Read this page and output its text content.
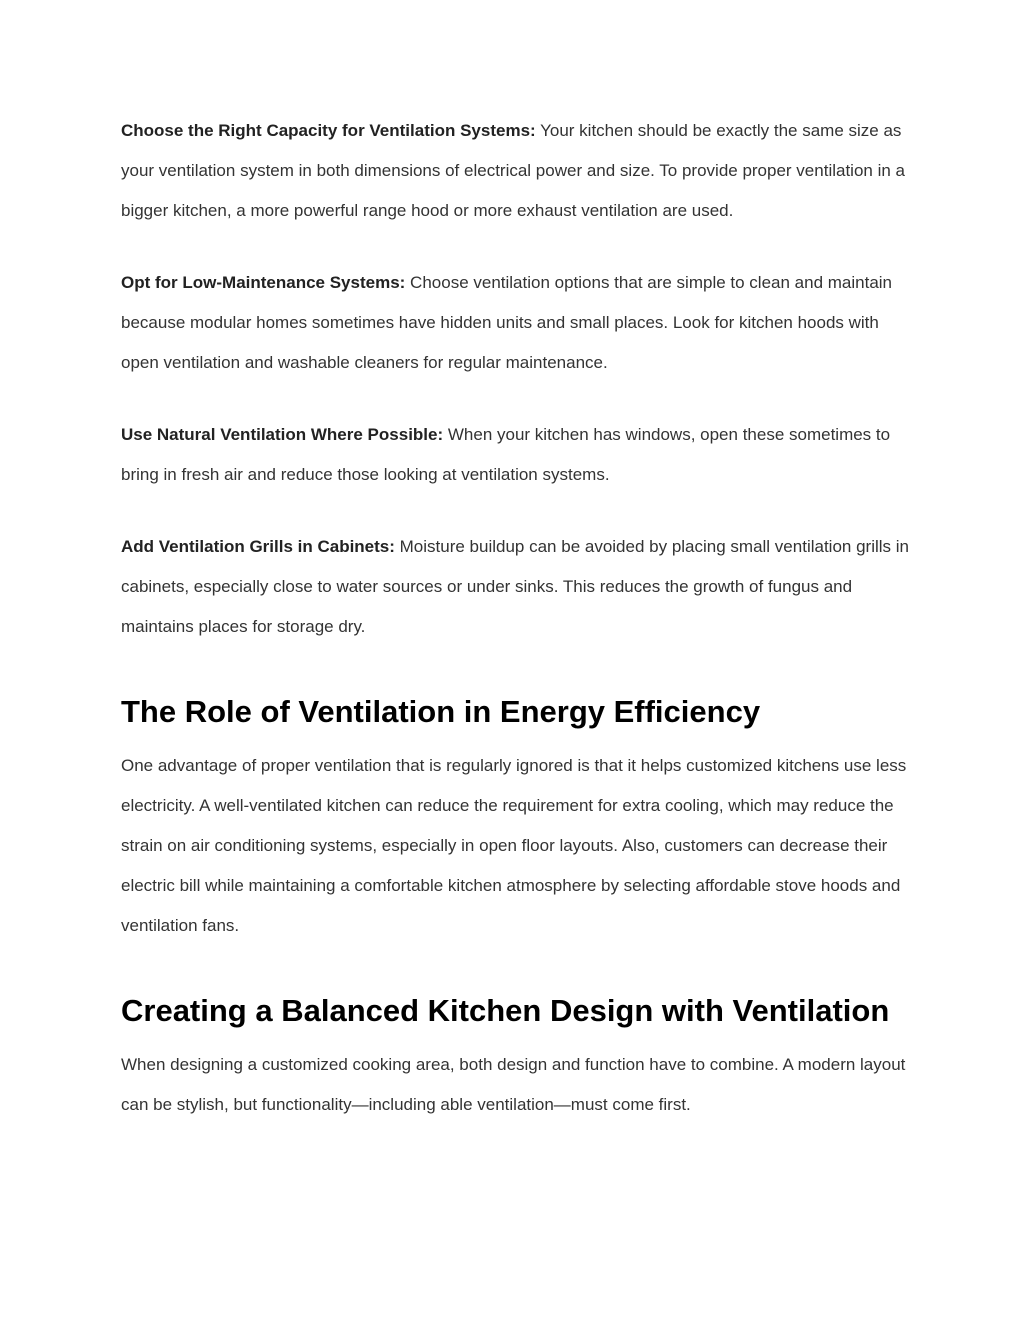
Choose the Right Capacity for Ventilation Systems: Your kitchen should be exactly the same size as your ventilation system in both dimensions of electrical power and size. To provide proper ventilation in a bigger kitchen, a more powerful range hood or more exhaust ventilation are used.

Opt for Low-Maintenance Systems: Choose ventilation options that are simple to clean and maintain because modular homes sometimes have hidden units and small places. Look for kitchen hoods with open ventilation and washable cleaners for regular maintenance.

Use Natural Ventilation Where Possible: When your kitchen has windows, open these sometimes to bring in fresh air and reduce those looking at ventilation systems.

Add Ventilation Grills in Cabinets: Moisture buildup can be avoided by placing small ventilation grills in cabinets, especially close to water sources or under sinks. This reduces the growth of fungus and maintains places for storage dry.

The Role of Ventilation in Energy Efficiency

One advantage of proper ventilation that is regularly ignored is that it helps customized kitchens use less electricity. A well-ventilated kitchen can reduce the requirement for extra cooling, which may reduce the strain on air conditioning systems, especially in open floor layouts. Also, customers can decrease their electric bill while maintaining a comfortable kitchen atmosphere by selecting affordable stove hoods and ventilation fans.

Creating a Balanced Kitchen Design with Ventilation

When designing a customized cooking area, both design and function have to combine. A modern layout can be stylish, but functionality—including able ventilation—must come first.
